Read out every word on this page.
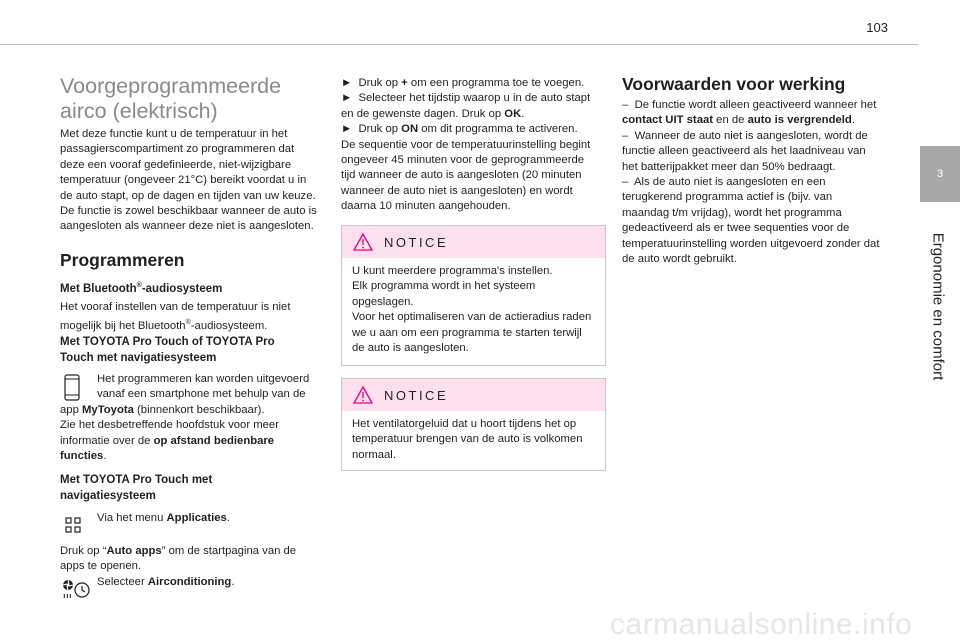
103
3
Ergonomie en comfort
Voorgeprogrammeerde airco (elektrisch)
Met deze functie kunt u de temperatuur in het
passagierscompartiment zo programmeren dat
deze een vooraf gedefinieerde, niet-wijzigbare
temperatuur (ongeveer 21°C) bereikt voordat u in
de auto stapt, op de dagen en tijden van uw keuze.
De functie is zowel beschikbaar wanneer de auto is
aangesloten als wanneer deze niet is aangesloten.
Programmeren
Met Bluetooth®-audiosysteem
Het vooraf instellen van de temperatuur is niet
mogelijk bij het Bluetooth®-audiosysteem.
Met TOYOTA Pro Touch of TOYOTA Pro
Touch met navigatiesysteem
Het programmeren kan worden uitgevoerd
vanaf een smartphone met behulp van de
app MyToyota (binnenkort beschikbaar).
Zie het desbetreffende hoofdstuk voor meer
informatie over de op afstand bedienbare
functies.
Met TOYOTA Pro Touch met
navigatiesysteem
Via het menu Applicaties.
Druk op “Auto apps” om de startpagina van de
apps te openen.
Selecteer Airconditioning.
► Druk op + om een programma toe te voegen.
► Selecteer het tijdstip waarop u in de auto stapt
en de gewenste dagen. Druk op OK.
► Druk op ON om dit programma te activeren.
De sequentie voor de temperatuurinstelling begint
ongeveer 45 minuten voor de geprogrammeerde
tijd wanneer de auto is aangesloten (20 minuten
wanneer de auto niet is aangesloten) en wordt
daarna 10 minuten aangehouden.
NOTICE
U kunt meerdere programma's instellen.
Elk programma wordt in het systeem
opgeslagen.
Voor het optimaliseren van de actieradius raden
we u aan om een programma te starten terwijl
de auto is aangesloten.
NOTICE
Het ventilatorgeluid dat u hoort tijdens het op
temperatuur brengen van de auto is volkomen
normaal.
Voorwaarden voor werking
– De functie wordt alleen geactiveerd wanneer het
contact UIT staat en de auto is vergrendeld.
– Wanneer de auto niet is aangesloten, wordt de
functie alleen geactiveerd als het laadniveau van
het batterijpakket meer dan 50% bedraagt.
– Als de auto niet is aangesloten en een
terugkerend programma actief is (bijv. van
maandag t/m vrijdag), wordt het programma
gedeactiveerd als er twee sequenties voor de
temperatuurinstelling worden uitgevoerd zonder dat
de auto wordt gebruikt.
carmanualsonline.info
